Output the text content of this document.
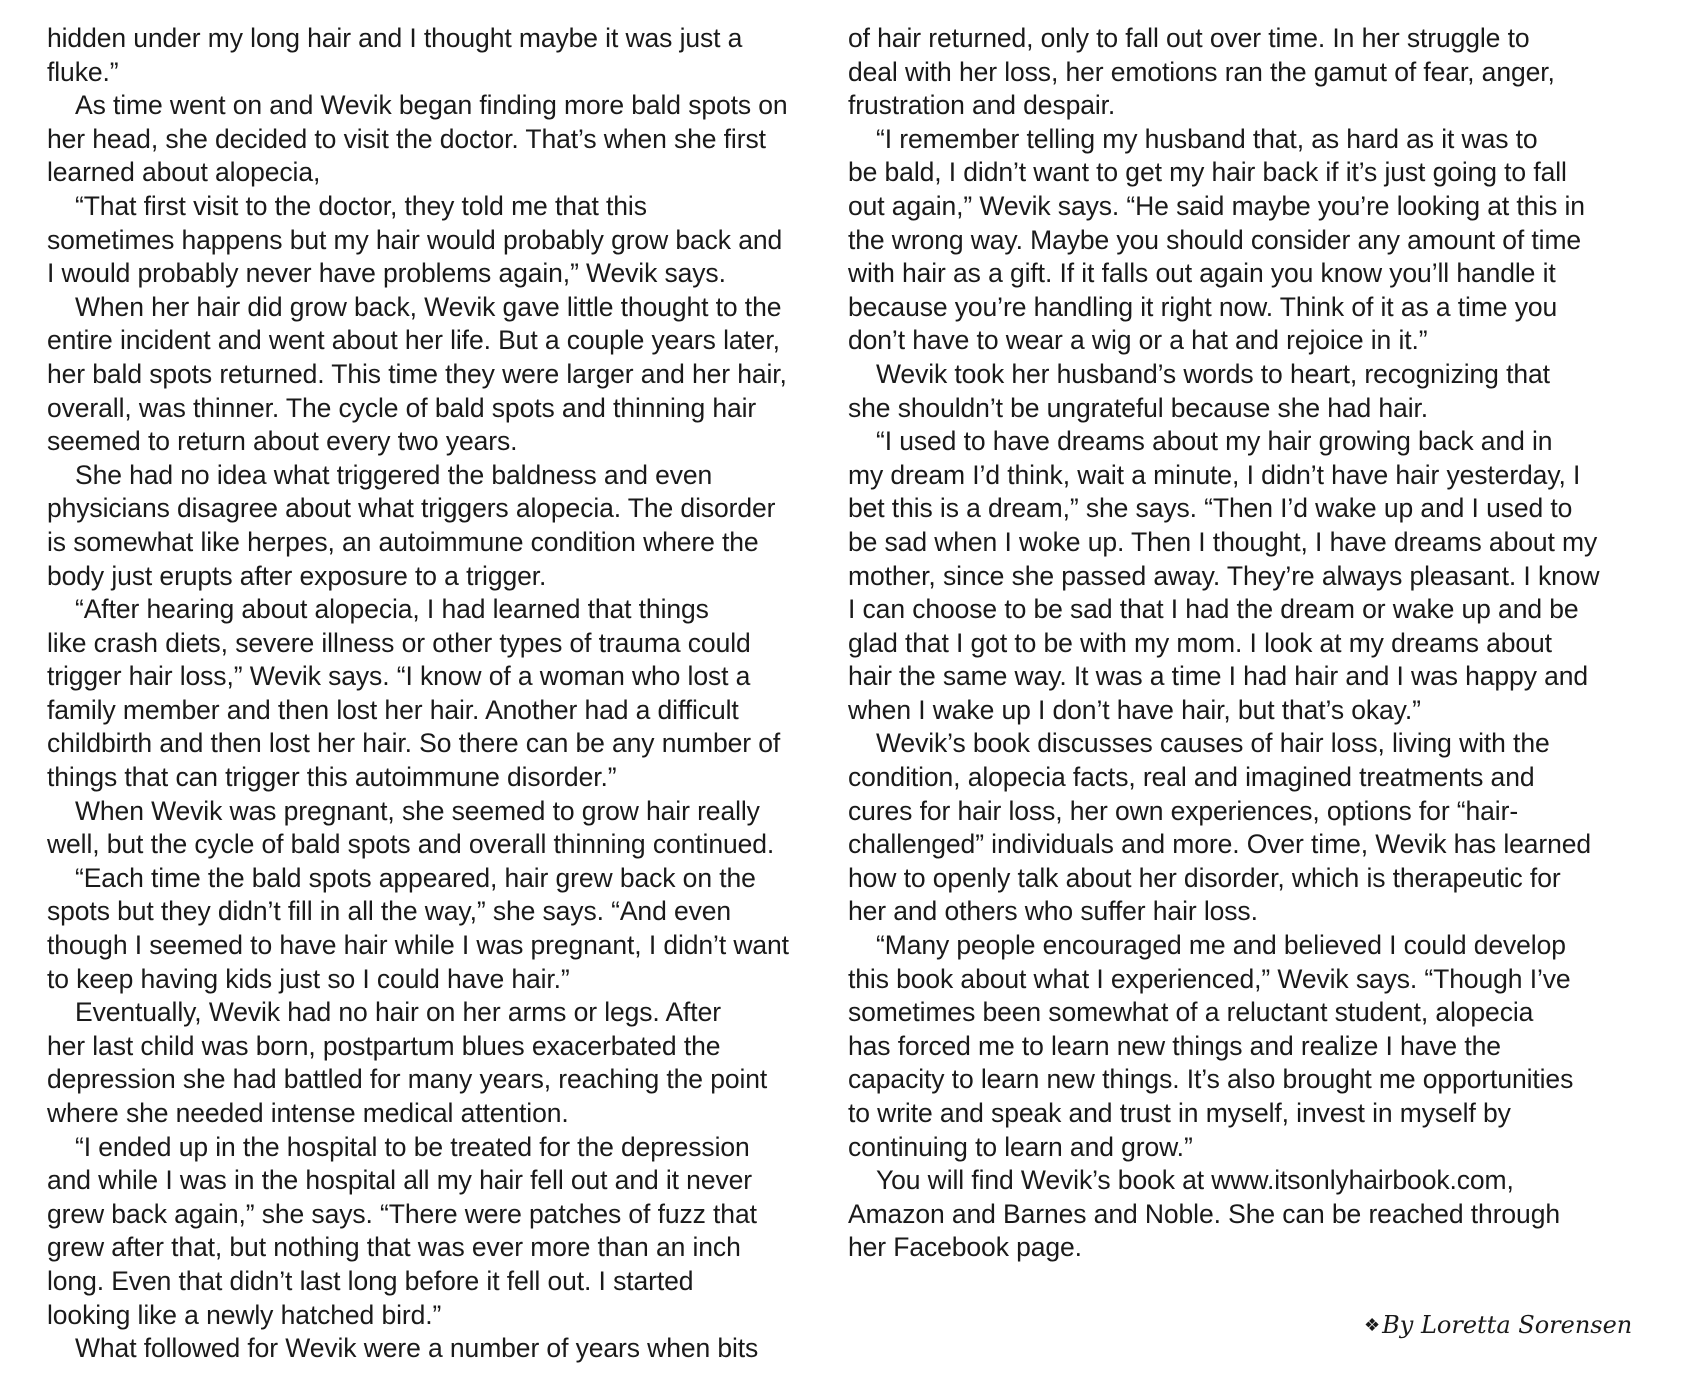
hidden under my long hair and I thought maybe it was just a
fluke.”
As time went on and Wevik began finding more bald spots on
her head, she decided to visit the doctor. That’s when she first
learned about alopecia,
“That first visit to the doctor, they told me that this
sometimes happens but my hair would probably grow back and
I would probably never have problems again,” Wevik says.
When her hair did grow back, Wevik gave little thought to the
entire incident and went about her life. But a couple years later,
her bald spots returned. This time they were larger and her hair,
overall, was thinner. The cycle of bald spots and thinning hair
seemed to return about every two years.
She had no idea what triggered the baldness and even
physicians disagree about what triggers alopecia. The disorder
is somewhat like herpes, an autoimmune condition where the
body just erupts after exposure to a trigger.
“After hearing about alopecia, I had learned that things
like crash diets, severe illness or other types of trauma could
trigger hair loss,” Wevik says. “I know of a woman who lost a
family member and then lost her hair. Another had a difficult
childbirth and then lost her hair. So there can be any number of
things that can trigger this autoimmune disorder.”
When Wevik was pregnant, she seemed to grow hair really
well, but the cycle of bald spots and overall thinning continued.
“Each time the bald spots appeared, hair grew back on the
spots but they didn’t fill in all the way,” she says. “And even
though I seemed to have hair while I was pregnant, I didn’t want
to keep having kids just so I could have hair.”
Eventually, Wevik had no hair on her arms or legs. After
her last child was born, postpartum blues exacerbated the
depression she had battled for many years, reaching the point
where she needed intense medical attention.
“I ended up in the hospital to be treated for the depression
and while I was in the hospital all my hair fell out and it never
grew back again,” she says. “There were patches of fuzz that
grew after that, but nothing that was ever more than an inch
long. Even that didn’t last long before it fell out. I started
looking like a newly hatched bird.”
What followed for Wevik were a number of years when bits
of hair returned, only to fall out over time. In her struggle to
deal with her loss, her emotions ran the gamut of fear, anger,
frustration and despair.
“I remember telling my husband that, as hard as it was to
be bald, I didn’t want to get my hair back if it’s just going to fall
out again,” Wevik says. “He said maybe you’re looking at this in
the wrong way. Maybe you should consider any amount of time
with hair as a gift. If it falls out again you know you’ll handle it
because you’re handling it right now. Think of it as a time you
don’t have to wear a wig or a hat and rejoice in it.”
Wevik took her husband’s words to heart, recognizing that
she shouldn’t be ungrateful because she had hair.
“I used to have dreams about my hair growing back and in
my dream I’d think, wait a minute, I didn’t have hair yesterday, I
bet this is a dream,” she says. “Then I’d wake up and I used to
be sad when I woke up. Then I thought, I have dreams about my
mother, since she passed away. They’re always pleasant. I know
I can choose to be sad that I had the dream or wake up and be
glad that I got to be with my mom. I look at my dreams about
hair the same way. It was a time I had hair and I was happy and
when I wake up I don’t have hair, but that’s okay.”
Wevik’s book discusses causes of hair loss, living with the
condition, alopecia facts, real and imagined treatments and
cures for hair loss, her own experiences, options for “hair-
challenged” individuals and more. Over time, Wevik has learned
how to openly talk about her disorder, which is therapeutic for
her and others who suffer hair loss.
“Many people encouraged me and believed I could develop
this book about what I experienced,” Wevik says. “Though I’ve
sometimes been somewhat of a reluctant student, alopecia
has forced me to learn new things and realize I have the
capacity to learn new things. It’s also brought me opportunities
to write and speak and trust in myself, invest in myself by
continuing to learn and grow.”
You will find Wevik’s book at www.itsonlyhairbook.com,
Amazon and Barnes and Noble. She can be reached through
her Facebook page.
❖By Loretta Sorensen
